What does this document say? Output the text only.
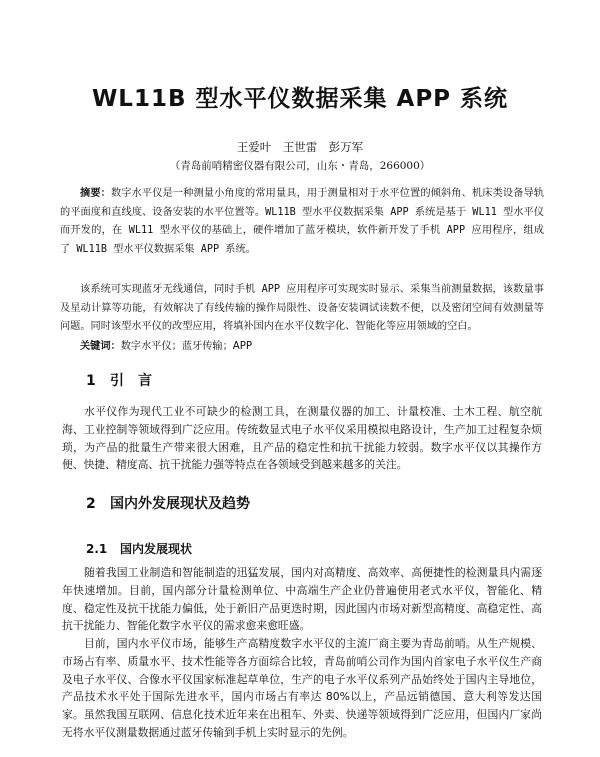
WL11B 型水平仪数据采集 APP 系统
王爱叶　王世雷　彭万军
（青岛前哨精密仪器有限公司，山东・青岛，266000）

摘要：数字水平仪是一种测量小角度的常用量具，用于测量相对于水平位置的倾斜角、机床类设备导轨的平面度和直线度、设备安装的水平位置等。WL11B 型水平仪数据采集 APP 系统是基于 WL11 型水平仪而开发的，在 WL11 型水平仪的基础上，硬件增加了蓝牙模块，软件新开发了手机 APP 应用程序，组成了 WL11B 型水平仪数据采集 APP 系统。

该系统可实现蓝牙无线通信，同时手机 APP 应用程序可实现实时显示、采集当前测量数据，该数量事及星动计算等功能，有效解决了有线传输的操作局限性、设备安装调试读数不便，以及密闭空间有效测量等问题。同时该型水平仪的改型应用，将填补国内在水平仪数字化、智能化等应用领域的空白。

关键词：数字水平仪；蓝牙传输；APP
1 引言

水平仪作为现代工业不可缺少的检测工具，在测量仪器的加工、计量校准、土木工程、航空航海、工业控制等领域得到广泛应用。传统数显式电子水平仪采用模拟电路设计，生产加工过程复杂烦琐，为产品的批量生产带来很大困难，且产品的稳定性和抗干扰能力较弱。数字水平仪以其操作方便、快捷、精度高、抗干扰能力强等特点在各领域受到越来越多的关注。

2 国内外发展现状及趋势
2.1 国内发展现状

随着我国工业制造和智能制造的迅猛发展，国内对高精度、高效率、高便捷性的检测量具内需逐年快速增加。目前，国内部分计量检测单位、中高端生产企业仍普遍使用老式水平仪，智能化、精度、稳定性及抗干扰能力偏低，处于新旧产品更迭时期，因此国内市场对新型高精度、高稳定性、高抗干扰能力、智能化数字水平仪的需求愈来愈旺盛。

目前，国内水平仪市场，能够生产高精度数字水平仪的主流厂商主要为青岛前哨。从生产规模、市场占有率、质量水平、技术性能等各方面综合比较，青岛前哨公司作为国内首家电子水平仪生产商及电子水平仪、合像水平仪国家标准起草单位，生产的电子水平仪系列产品始终处于国内主导地位，产品技术水平处于国际先进水平，国内市场占有率达 80%以上，产品远销德国、意大利等发达国家。虽然我国互联网、信息化技术近年来在出租车、外卖、快递等领域得到广泛应用，但国内厂家尚无将水平仪测量数据通过蓝牙传输到手机上实时显示的先例。
